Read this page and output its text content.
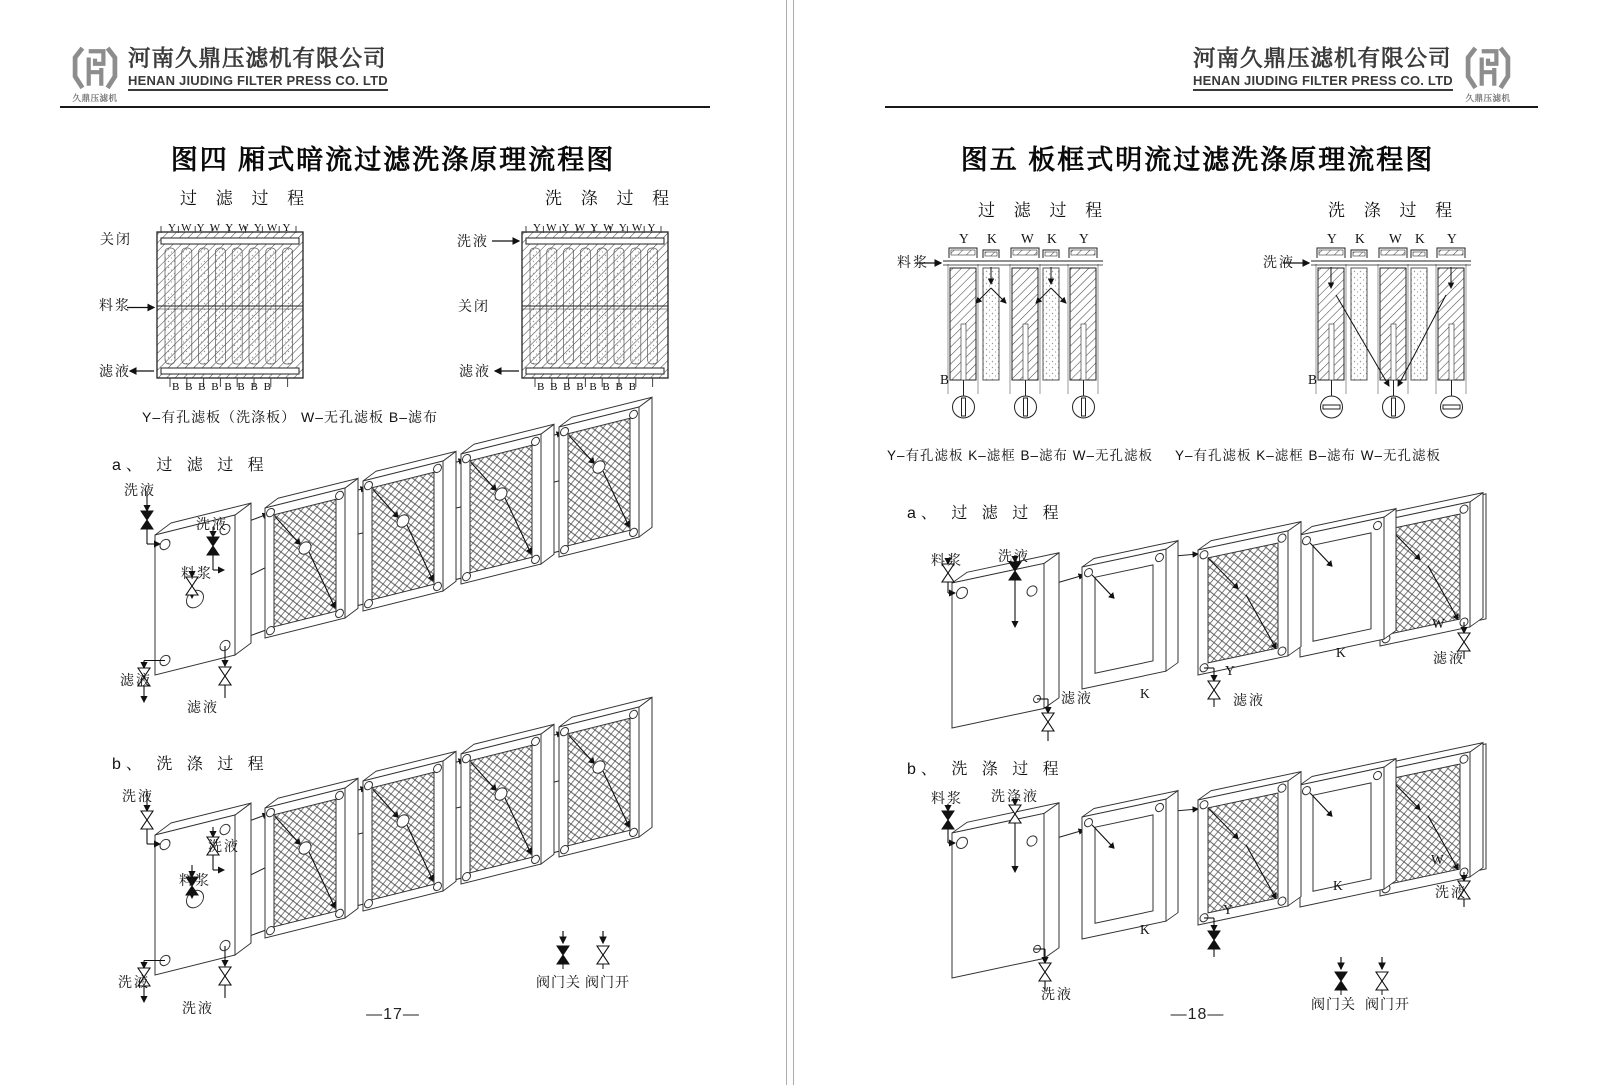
久鼎压滤机
河南久鼎压滤机有限公司
HENAN JIUDING FILTER PRESS CO. LTD
图四 厢式暗流过滤洗涤原理流程图
过 滤 过 程	洗 涤 过 程
Y W Y W Y W Y W Y
B B B B B B B B
关闭
料浆
滤液
Y W Y W Y W Y W Y
B B B B B B B B
洗液
关闭
滤液
Y–有孔滤板（洗涤板） W–无孔滤板 B–滤布
a、 过 滤 过 程
洗液
洗液
料浆
滤液
滤液
b、 洗 涤 过 程
洗液
洗液
料浆
洗液
洗液
阀门关 阀门开
—17—
河南久鼎压滤机有限公司
HENAN JIUDING FILTER PRESS CO. LTD
久鼎压滤机
图五 板框式明流过滤洗涤原理流程图
过 滤 过 程	洗 涤 过 程
Y K W K Y
料浆
B
Y K W K Y
洗液
B
Y–有孔滤板 K–滤框 B–滤布 W–无孔滤板 Y–有孔滤板 K–滤框 B–滤布 W–无孔滤板
a、 过 滤 过 程
料浆	洗液
滤液	K
Y
滤液
K
W
滤液
b、 洗 涤 过 程
料浆 洗涤液
洗液
K
Y
K
W
洗液
阀门关 阀门开
—18—
